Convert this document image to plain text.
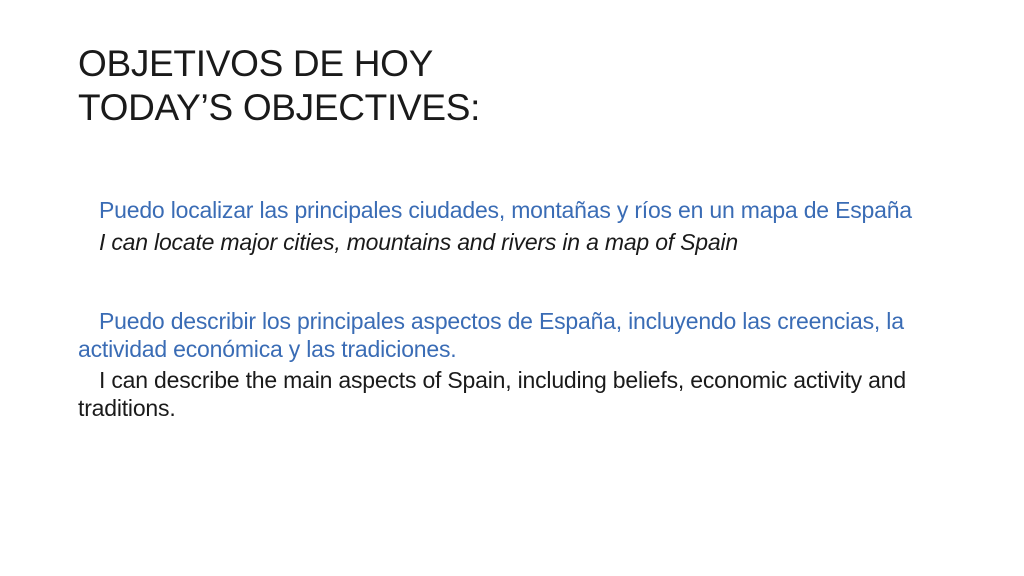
OBJETIVOS DE HOY
TODAY’S OBJECTIVES:

Puedo localizar las principales ciudades, montañas y ríos en un mapa de España

I can locate major cities, mountains and rivers in a map of Spain

Puedo describir los principales aspectos de España, incluyendo las creencias, la actividad económica y las tradiciones.

I can describe the main aspects of Spain, including beliefs, economic activity and traditions.
